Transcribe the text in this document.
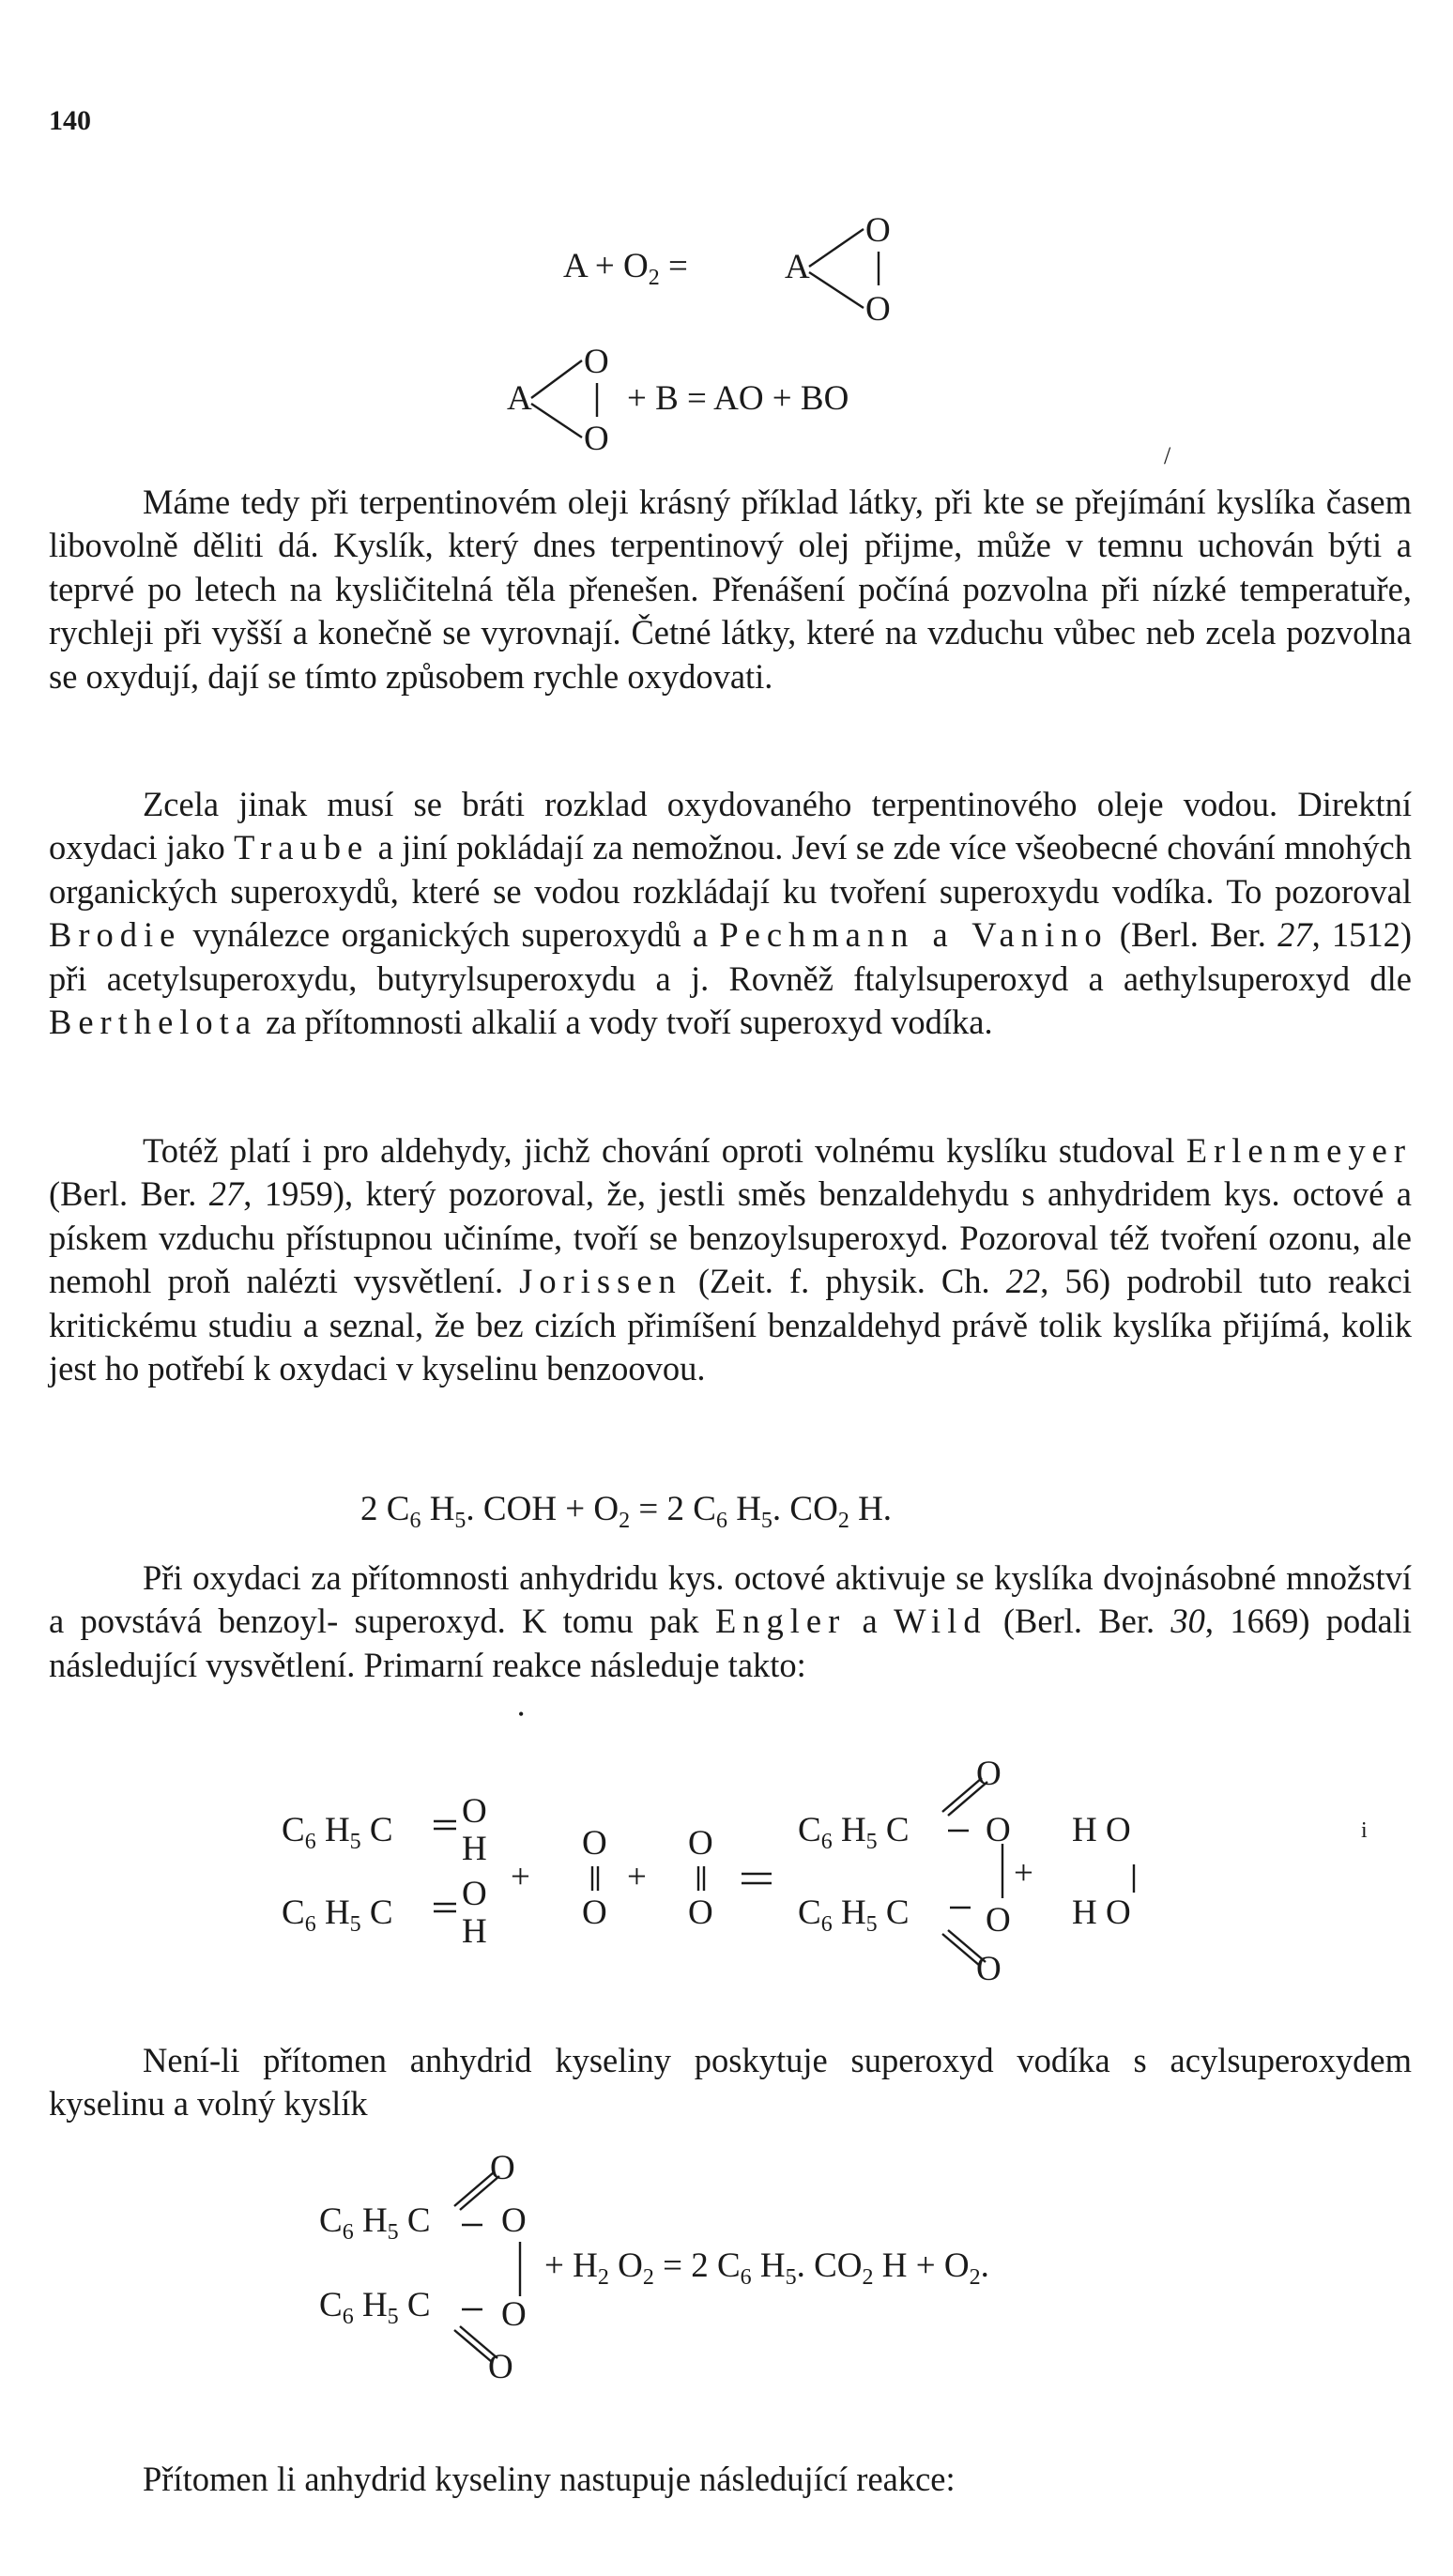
140
$A + O_2$ =	A
O
O
A
O
O
+ B = AO + BO
/

Máme tedy při terpentinovém oleji krásný příklad látky, při kte se přejímání kyslíka časem libovolně děliti dá. Kyslík, který dnes terpentinový olej přijme, může v temnu uchován býti a teprvé po letech na kysličitelná těla přenešen. Přenášení počíná pozvolna při nízké temperatuře, rychleji při vyšší a konečně se vyrovnají. Četné látky, které na vzduchu vůbec neb zcela pozvolna se oxydují, dají se tímto způsobem rychle oxydovati.

Zcela jinak musí se bráti rozklad oxydovaného terpentinového oleje vodou. Direktní oxydaci jako Traube a jiní pokládají za nemožnou. Jeví se zde více všeobecné chování mnohých organických superoxydů, které se vodou rozkládají ku tvoření superoxydu vodíka. To pozoroval Brodie vynálezce organických superoxydů a Pechmann a Vanino (Berl. Ber. 27, 1512) při acetylsuperoxydu, butyrylsuperoxydu a j. Rovněž ftalylsuperoxyd a aethylsuperoxyd dle Berthelota za přítomnosti alkalií a vody tvoří superoxyd vodíka.

Totéž platí i pro aldehydy, jichž chování oproti volnému kyslíku studoval Erlenmeyer (Berl. Ber. 27, 1959), který pozoroval, že, jestli směs benzaldehydu s anhydridem kys. octové a pískem vzduchu přístupnou učiníme, tvoří se benzoylsuperoxyd. Pozoroval též tvoření ozonu, ale nemohl proň nalézti vysvětlení. Jorissen (Zeit. f. physik. Ch. 22, 56) podrobil tuto reakci kritickému studiu a seznal, že bez cizích přimíšení benzaldehyd právě tolik kyslíka přijímá, kolik jest ho potřebí k oxydaci v kyselinu benzoovou.

2 $C_6$ $H_5$. COH + $O_2 = 2$ $C_6$ $H_5$. $CO_2$ H.

Při oxydaci za přítomnosti anhydridu kys. octové aktivuje se kyslíka dvojnásobné množství a povstává benzoyl- superoxyd. K tomu pak Engler a Wild (Berl. Ber. 30, 1669) podali následující vysvětlení. Primarní reakce následuje takto:

•
$C_6$ $H_5$ C O
H
$C_6$ $H_5$ C O
H
+
O
O
+
O
O
$C_6$ $H_5$ C
O
O
$C_6$ $H_5$ C O
O
+
H O
H O
i

Není-li přítomen anhydrid kyseliny poskytuje superoxyd vodíka s acylsuperoxydem kyselinu a volný kyslík

$C_6$ $H_5$ C
O
O
$C_6$ $H_5$ C O
O
+ $H_2$ $O_2 = 2$ $C_6$ $H_5$. $CO_2$ $H + O_2$.

Přítomen li anhydrid kyseliny nastupuje následující reakce:
